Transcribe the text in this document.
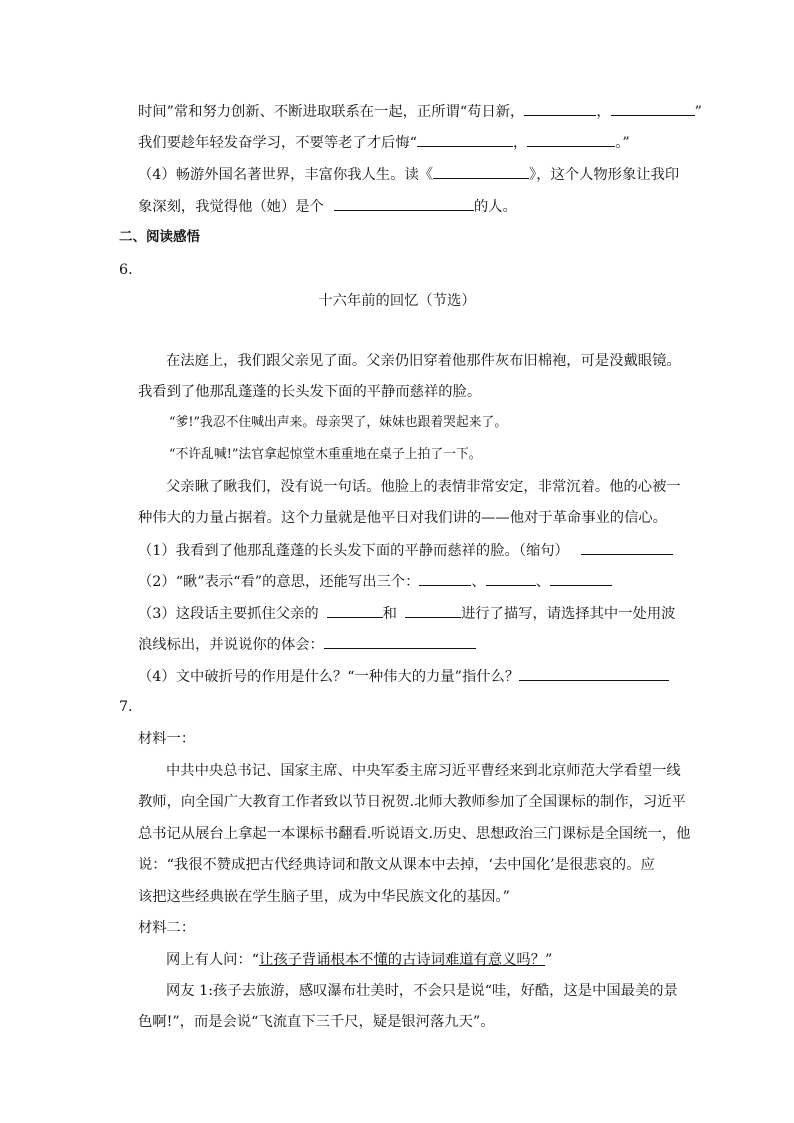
时间”常和努力创新、不断进取联系在一起，正所谓“苟日新，	，	”
我们要趁年轻发奋学习，不要等老了才后悔“	，	。”
（4）畅游外国名著世界，丰富你我人生。读《	》，这个人物形象让我印
象深刻，我觉得他（她）是个	的人。
二、阅读感悟
6．
十六年前的回忆（节选）
在法庭上，我们跟父亲见了面。父亲仍旧穿着他那件灰布旧棉袍，可是没戴眼镜。
我看到了他那乱蓬蓬的长头发下面的平静而慈祥的脸。
“爹!”我忍不住喊出声来。母亲哭了，妹妹也跟着哭起来了。
“不许乱喊!”法官拿起惊堂木重重地在桌子上拍了一下。
父亲瞅了瞅我们，没有说一句话。他脸上的表情非常安定，非常沉着。他的心被一
种伟大的力量占据着。这个力量就是他平日对我们讲的——他对于革命事业的信心。
（1）我看到了他那乱蓬蓬的长头发下面的平静而慈祥的脸。（缩句）
（2）“瞅”表示“看”的意思，还能写出三个：	、	、
（3）这段话主要抓住父亲的	和	进行了描写，请选择其中一处用波
浪线标出，并说说你的体会：
（4）文中破折号的作用是什么？“一种伟大的力量”指什么？
7．
材料一：
中共中央总书记、国家主席、中央军委主席习近平曹经来到北京师范大学看望一线
教师，向全国广大教育工作者致以节日祝贺.北师大教师参加了全国课标的制作，习近平
总书记从展台上拿起一本课标书翻看.听说语文.历史、思想政治三门课标是全国统一，他
说：“我很不赞成把古代经典诗词和散文从课本中去掉，‘去中国化’是很悲哀的。应
该把这些经典嵌在学生脑子里，成为中华民族文化的基因。”
材料二：
网上有人问：“让孩子背诵根本不懂的古诗词难道有意义吗？”
网友 1:孩子去旅游，感叹瀑布壮美时，不会只是说“哇，好酷，这是中国最美的景
色啊!”，而是会说“飞流直下三千尺，疑是银河落九天”。
